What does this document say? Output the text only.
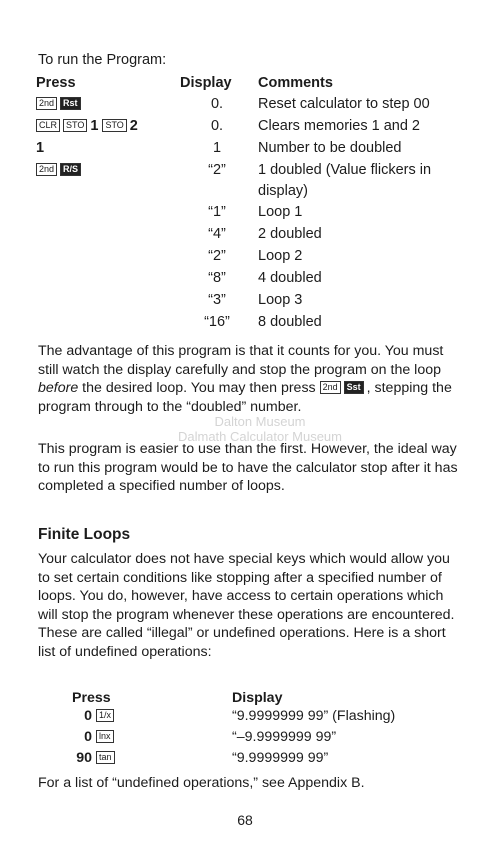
Dalton Museum
Dalmath Calculator Museum
To run the Program:
Press	Display	Comments
2nd Rst	0.	Reset calculator to step 00
CLR STO 1 STO 2	0.	Clears memories 1 and 2
1	1	Number to be doubled
2nd R/S	“2”	1 doubled (Value flickers in display)
	“1”	Loop 1
	“4”	2 doubled
	“2”	Loop 2
	“8”	4 doubled
	“3”	Loop 3
	“16”	8 doubled

The advantage of this program is that it counts for you. You must still watch the display carefully and stop the program on the loop before the desired loop. You may then press 2nd Sst , stepping the program through to the “doubled” number.

This program is easier to use than the first. However, the ideal way to run this program would be to have the calculator stop after it has completed a specified number of loops.

Finite Loops

Your calculator does not have special keys which would allow you to set certain conditions like stopping after a specified number of loops. You do, however, have access to certain operations which will stop the program whenever these operations are encountered. These are called “illegal” or undefined operations. Here is a short list of undefined operations:

Press	Display
0 1/x	“9.9999999 99” (Flashing)
0 lnx	“–9.9999999 99”
90 tan	“9.9999999 99”

For a list of “undefined operations,” see Appendix B.

68
